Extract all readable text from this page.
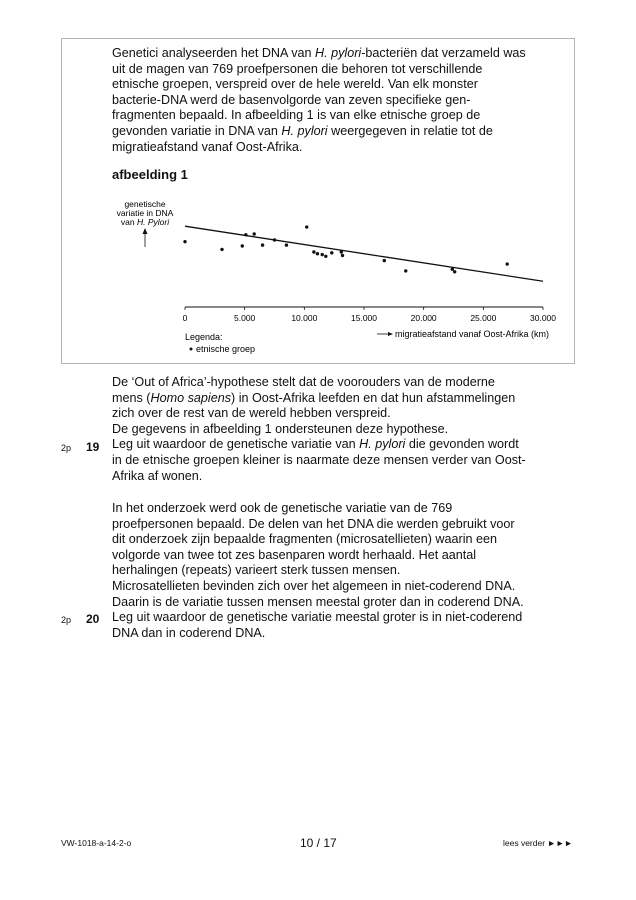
Genetici analyseerden het DNA van H. pylori-bacteriën dat verzameld was
uit de magen van 769 proefpersonen die behoren tot verschillende
etnische groepen, verspreid over de hele wereld. Van elk monster
bacterie-DNA werd de basenvolgorde van zeven specifieke gen-
fragmenten bepaald. In afbeelding 1 is van elke etnische groep de
gevonden variatie in DNA van H. pylori weergegeven in relatie tot de
migratieafstand vanaf Oost-Afrika.

afbeelding 1

genetische
variatie in DNA
van H. Pylori
0	5.000	10.000	15.000	20.000	25.000	30.000
Legenda:
etnische groep
migratieafstand vanaf Oost-Afrika (km)
De ‘Out of Africa’-hypothese stelt dat de voorouders van de moderne
mens (Homo sapiens) in Oost-Afrika leefden en dat hun afstammelingen
zich over de rest van de wereld hebben verspreid.
De gegevens in afbeelding 1 ondersteunen deze hypothese.
Leg uit waardoor de genetische variatie van H. pylori die gevonden wordt
in de etnische groepen kleiner is naarmate deze mensen verder van Oost-
Afrika af wonen.
2p 19
In het onderzoek werd ook de genetische variatie van de 769
proefpersonen bepaald. De delen van het DNA die werden gebruikt voor
dit onderzoek zijn bepaalde fragmenten (microsatellieten) waarin een
volgorde van twee tot zes basenparen wordt herhaald. Het aantal
herhalingen (repeats) varieert sterk tussen mensen.
Microsatellieten bevinden zich over het algemeen in niet-coderend DNA.
Daarin is de variatie tussen mensen meestal groter dan in coderend DNA.
Leg uit waardoor de genetische variatie meestal groter is in niet-coderend
DNA dan in coderend DNA.
2p 20
VW-1018-a-14-2-o	10 / 17	lees verder ►►►
